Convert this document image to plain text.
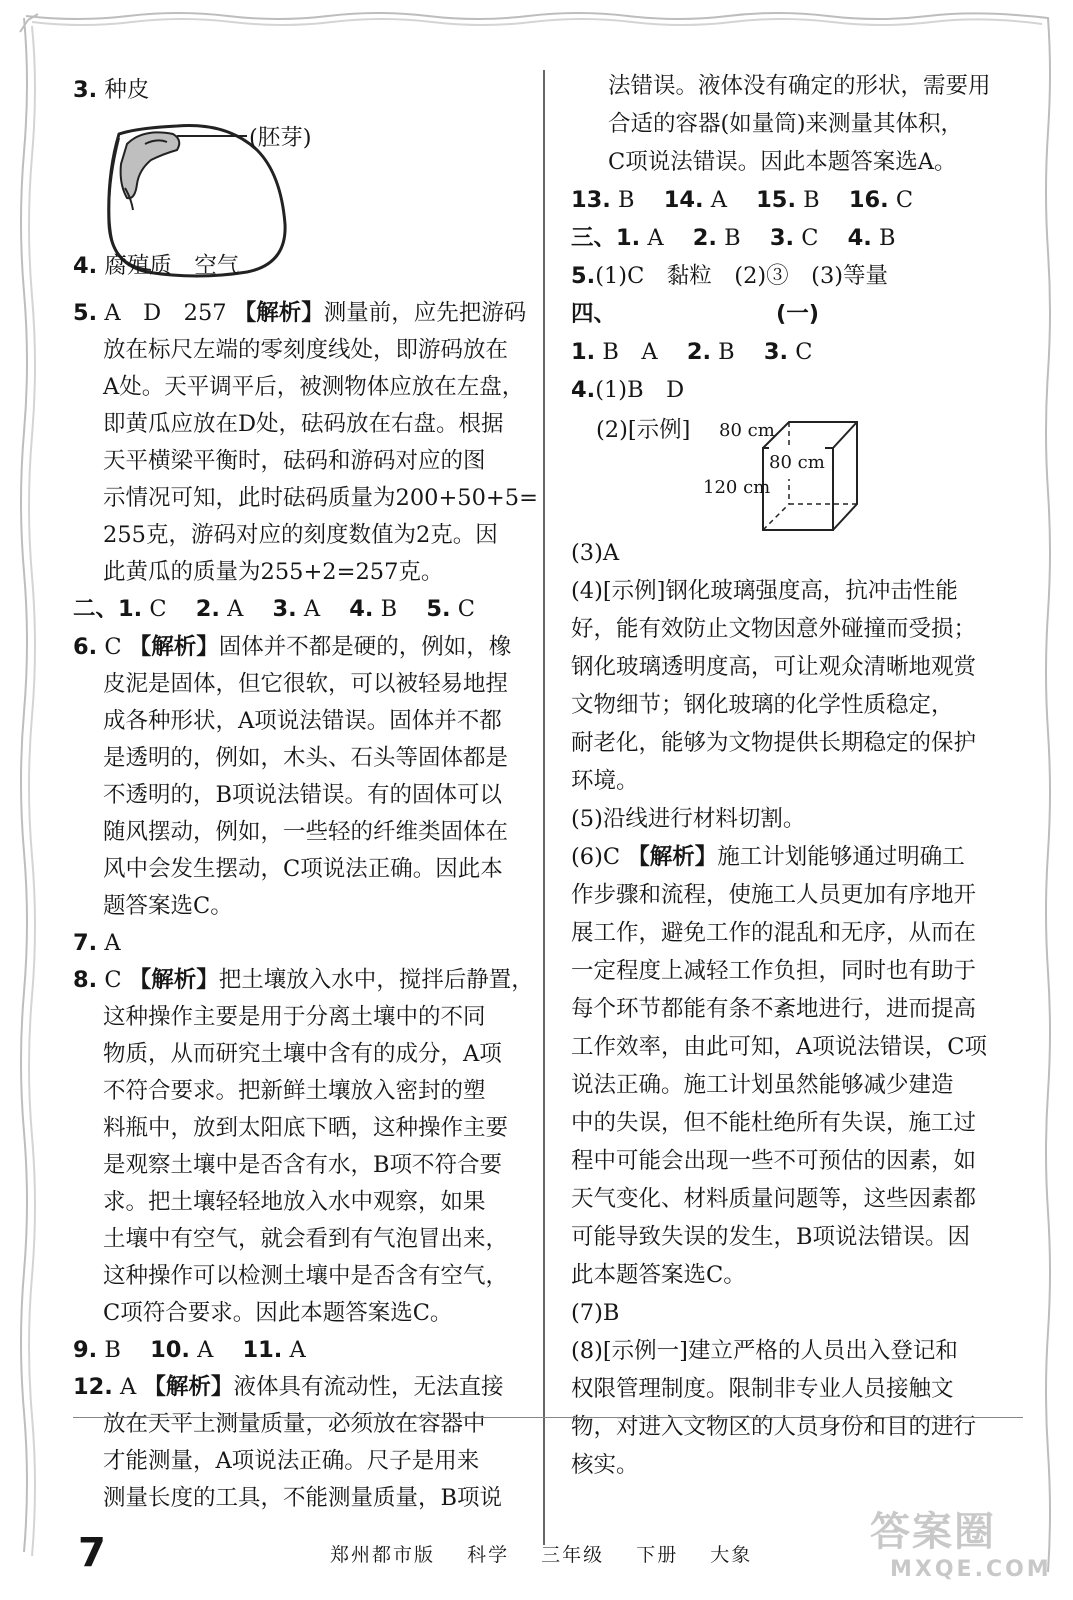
3. 种皮
(胚芽)
4. 腐殖质　空气
5. A　D　257 【解析】测量前，应先把游码
放在标尺左端的零刻度线处，即游码放在
A处。天平调平后，被测物体应放在左盘，
即黄瓜应放在D处，砝码放在右盘。根据
天平横梁平衡时，砝码和游码对应的图
示情况可知，此时砝码质量为200+50+5=
255克，游码对应的刻度数值为2克。因
此黄瓜的质量为255+2=257克。
二、1. C 2. A 3. A 4. B 5. C
6. C 【解析】固体并不都是硬的，例如，橡
皮泥是固体，但它很软，可以被轻易地捏
成各种形状，A项说法错误。固体并不都
是透明的，例如，木头、石头等固体都是
不透明的，B项说法错误。有的固体可以
随风摆动，例如，一些轻的纤维类固体在
风中会发生摆动，C项说法正确。因此本
题答案选C。
7. A
8. C 【解析】把土壤放入水中，搅拌后静置，
这种操作主要是用于分离土壤中的不同
物质，从而研究土壤中含有的成分，A项
不符合要求。把新鲜土壤放入密封的塑
料瓶中，放到太阳底下晒，这种操作主要
是观察土壤中是否含有水，B项不符合要
求。把土壤轻轻地放入水中观察，如果
土壤中有空气，就会看到有气泡冒出来，
这种操作可以检测土壤中是否含有空气，
C项符合要求。因此本题答案选C。
9. B 10. A 11. A
12. A 【解析】液体具有流动性，无法直接
放在天平上测量质量，必须放在容器中
才能测量，A项说法正确。尺子是用来
测量长度的工具，不能测量质量，B项说
法错误。液体没有确定的形状，需要用
合适的容器(如量筒)来测量其体积，
C项说法错误。因此本题答案选A。
13. B 14. A 15. B 16. C
三、1. A 2. B 3. C 4. B
5.(1)C　黏粒　(2)③　(3)等量
四、	(一)
1. B　A 2. B 3. C
4.(1)B　D
(2)[示例] 80 cm
80 cm
120 cm
(3)A
(4)[示例]钢化玻璃强度高，抗冲击性能
好，能有效防止文物因意外碰撞而受损；
钢化玻璃透明度高，可让观众清晰地观赏
文物细节；钢化玻璃的化学性质稳定，
耐老化，能够为文物提供长期稳定的保护
环境。
(5)沿线进行材料切割。
(6)C 【解析】施工计划能够通过明确工
作步骤和流程，使施工人员更加有序地开
展工作，避免工作的混乱和无序，从而在
一定程度上减轻工作负担，同时也有助于
每个环节都能有条不紊地进行，进而提高
工作效率，由此可知，A项说法错误，C项
说法正确。施工计划虽然能够减少建造
中的失误，但不能杜绝所有失误，施工过
程中可能会出现一些不可预估的因素，如
天气变化、材料质量问题等，这些因素都
可能导致失误的发生，B项说法错误。因
此本题答案选C。
(7)B
(8)[示例一]建立严格的人员出入登记和
权限管理制度。限制非专业人员接触文
物，对进入文物区的人员身份和目的进行
核实。
7	郑州都市版 科学 三年级 下册 大象	答案圈
MXQE.COM
